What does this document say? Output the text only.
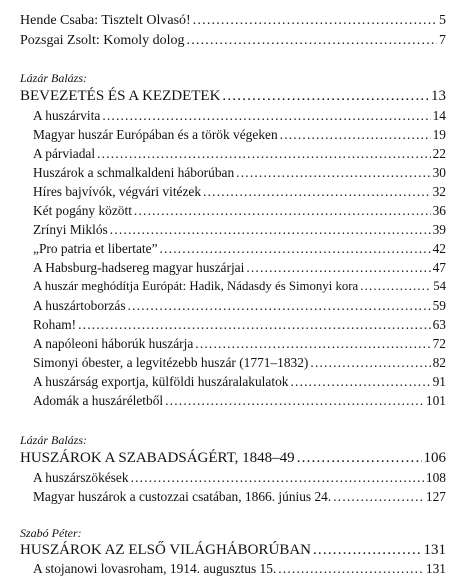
Hende Csaba: Tisztelt Olvasó! .....	5
Pozsgai Zsolt: Komoly dolog .....	7
Lázár Balázs:
BEVEZETÉS ÉS A KEZDETEK .....	13
A huszárvita .....	14
Magyar huszár Európában és a török végeken .....	19
A párviadal .....	22
Huszárok a schmalkaldeni háborúban .....	30
Híres bajvívók, végvári vitézek .....	32
Két pogány között .....	36
Zrínyi Miklós .....	39
„Pro patria et libertate” .....	42
A Habsburg-hadsereg magyar huszárjai .....	47
A huszár meghódítja Európát: Hadik, Nádasdy és Simonyi kora .....	54
A huszártoborzás .....	59
Roham! .....	63
A napóleoni háborúk huszárja .....	72
Simonyi óbester, a legvitézebb huszár (1771–1832) .....	82
A huszárság exportja, külföldi huszáralakulatok .....	91
Adomák a huszáréletből .....	101
Lázár Balázs:
HUSZÁROK A SZABADSÁGÉRT, 1848–49 .....	106
A huszárszökések .....	108
Magyar huszárok a custozzai csatában, 1866. június 24. .....	127
Szabó Péter:
HUSZÁROK AZ ELSŐ VILÁGHÁBORÚBAN .....	131
A stojanowi lovasroham, 1914. augusztus 15. .....	131
